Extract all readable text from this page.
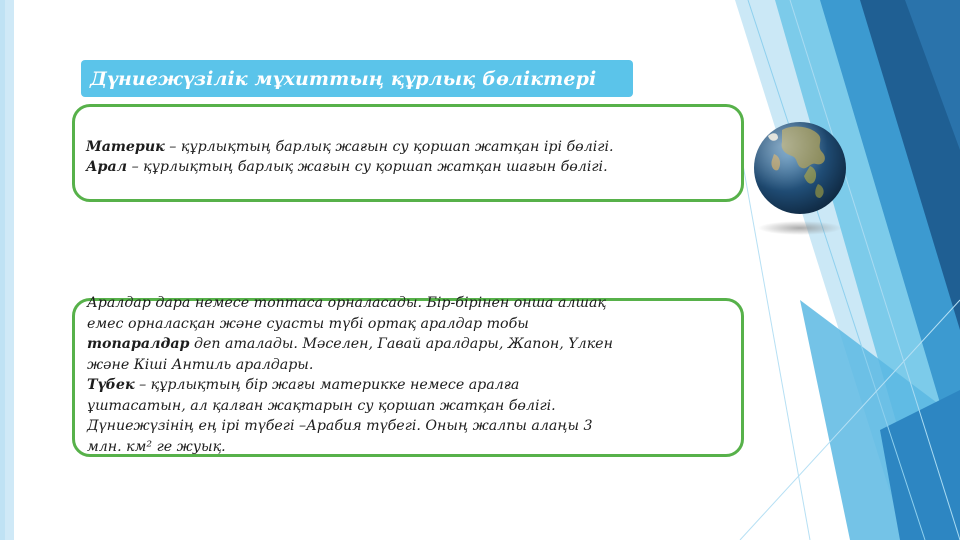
Дүниежүзілік мұхиттың құрлық бөліктері
Материк – құрлықтың барлық жағын су қоршап жатқан ірі бөлігі.
Арал – құрлықтың барлық жағын су қоршап жатқан шағын бөлігі.
Аралдар дара немесе топтаса орналасады. Бір-бірінен онша алшақ
емес орналасқан және суасты түбі ортақ аралдар тобы
топаралдар деп аталады. Мәселен, Гавай аралдары, Жапон, Үлкен
және Кіші Антиль аралдары.
Түбек – құрлықтың бір жағы материкке немесе аралға
ұштасатын, ал қалған жақтарын су қоршап жатқан бөлігі.
Дүниежүзінің ең ірі түбегі –Арабия түбегі. Оның жалпы алаңы 3
млн. км² ге жуық.
